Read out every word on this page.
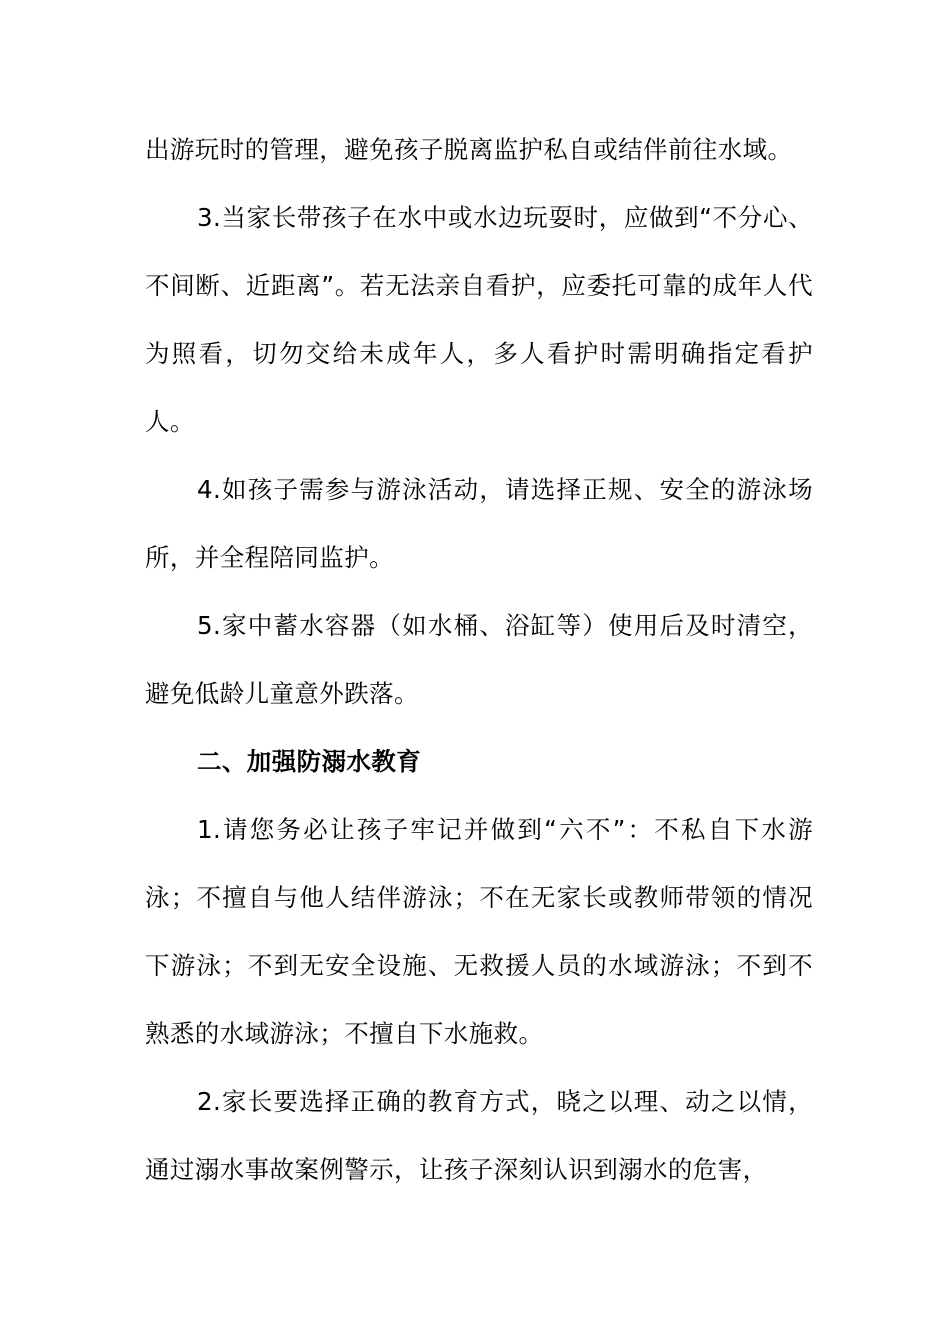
出游玩时的管理，避免孩子脱离监护私自或结伴前往水域。

3.当家长带孩子在水中或水边玩耍时，应做到“不分心、不间断、近距离”。若无法亲自看护，应委托可靠的成年人代为照看，切勿交给未成年人，多人看护时需明确指定看护人。

4.如孩子需参与游泳活动，请选择正规、安全的游泳场所，并全程陪同监护。

5.家中蓄水容器（如水桶、浴缸等）使用后及时清空，避免低龄儿童意外跌落。

二、加强防溺水教育

1.请您务必让孩子牢记并做到“六不”：不私自下水游泳；不擅自与他人结伴游泳；不在无家长或教师带领的情况下游泳；不到无安全设施、无救援人员的水域游泳；不到不熟悉的水域游泳；不擅自下水施救。

2.家长要选择正确的教育方式，晓之以理、动之以情，通过溺水事故案例警示，让孩子深刻认识到溺水的危害，
